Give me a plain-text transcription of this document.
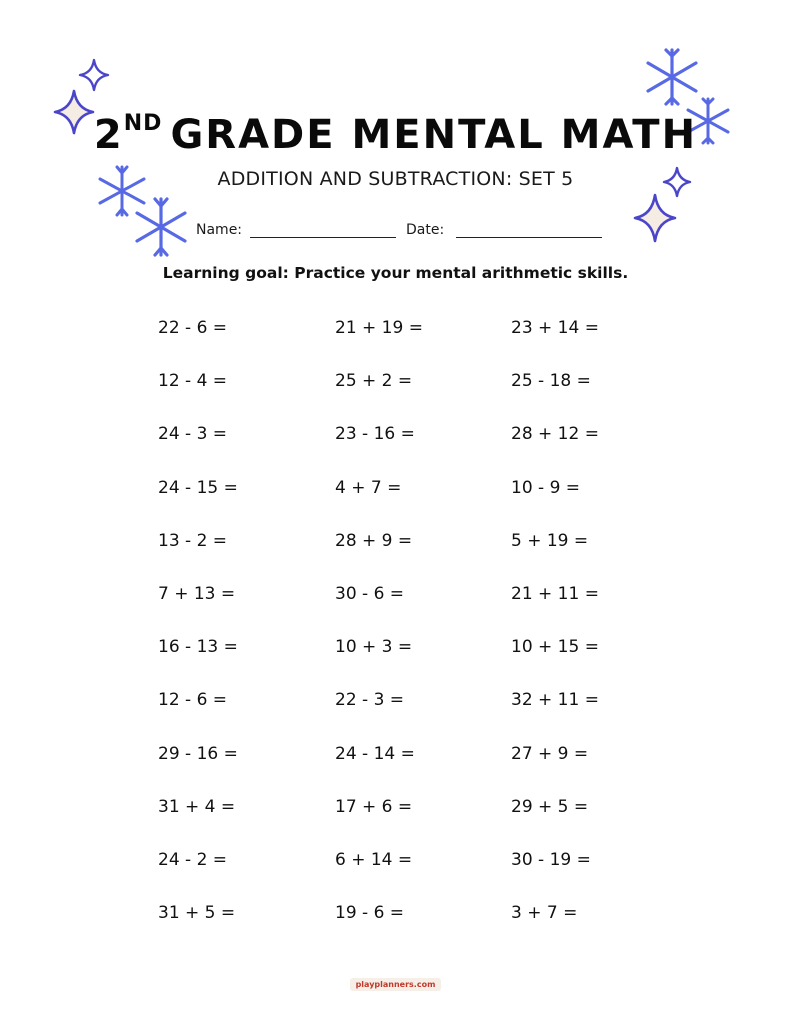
2ND GRADE MENTAL MATH
ADDITION AND SUBTRACTION: SET 5
Name:	Date:
Learning goal: Practice your mental arithmetic skills.
22 - 6 =	21 + 19 =	23 + 14 =
12 - 4 =	25 + 2 =	25 - 18 =
24 - 3 =	23 - 16 =	28 + 12 =
24 - 15 =	4 + 7 =	10 - 9 =
13 - 2 =	28 + 9 =	5 + 19 =
7 + 13 =	30 - 6 =	21 + 11 =
16 - 13 =	10 + 3 =	10 + 15 =
12 - 6 =	22 - 3 =	32 + 11 =
29 - 16 =	24 - 14 =	27 + 9 =
31 + 4 =	17 + 6 =	29 + 5 =
24 - 2 =	6 + 14 =	30 - 19 =
31 + 5 =	19 - 6 =	3 + 7 =
playplanners.com
